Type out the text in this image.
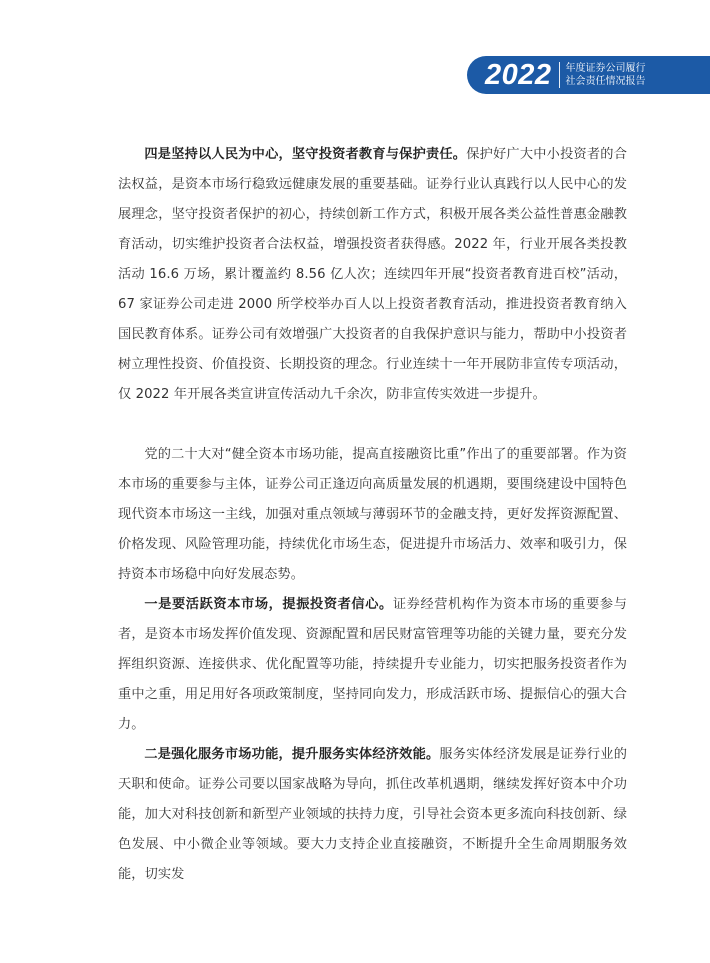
2022 年度证券公司履行
社会责任情况报告

四是坚持以人民为中心，坚守投资者教育与保护责任。保护好广大中小投资者的合法权益，是资本市场行稳致远健康发展的重要基础。证券行业认真践行以人民中心的发展理念，坚守投资者保护的初心，持续创新工作方式，积极开展各类公益性普惠金融教育活动，切实维护投资者合法权益，增强投资者获得感。2022 年，行业开展各类投教活动 16.6 万场，累计覆盖约 8.56 亿人次；连续四年开展“投资者教育进百校”活动，67 家证券公司走进 2000 所学校举办百人以上投资者教育活动，推进投资者教育纳入国民教育体系。证券公司有效增强广大投资者的自我保护意识与能力，帮助中小投资者树立理性投资、价值投资、长期投资的理念。行业连续十一年开展防非宣传专项活动，仅 2022 年开展各类宣讲宣传活动九千余次，防非宣传实效进一步提升。

党的二十大对“健全资本市场功能，提高直接融资比重”作出了的重要部署。作为资本市场的重要参与主体，证券公司正逢迈向高质量发展的机遇期，要围绕建设中国特色现代资本市场这一主线，加强对重点领域与薄弱环节的金融支持，更好发挥资源配置、价格发现、风险管理功能，持续优化市场生态，促进提升市场活力、效率和吸引力，保持资本市场稳中向好发展态势。

一是要活跃资本市场，提振投资者信心。证券经营机构作为资本市场的重要参与者，是资本市场发挥价值发现、资源配置和居民财富管理等功能的关键力量，要充分发挥组织资源、连接供求、优化配置等功能，持续提升专业能力，切实把服务投资者作为重中之重，用足用好各项政策制度，坚持同向发力，形成活跃市场、提振信心的强大合力。

二是强化服务市场功能，提升服务实体经济效能。服务实体经济发展是证券行业的天职和使命。证券公司要以国家战略为导向，抓住改革机遇期，继续发挥好资本中介功能，加大对科技创新和新型产业领域的扶持力度，引导社会资本更多流向科技创新、绿色发展、中小微企业等领域。要大力支持企业直接融资，不断提升全生命周期服务效能，切实发
